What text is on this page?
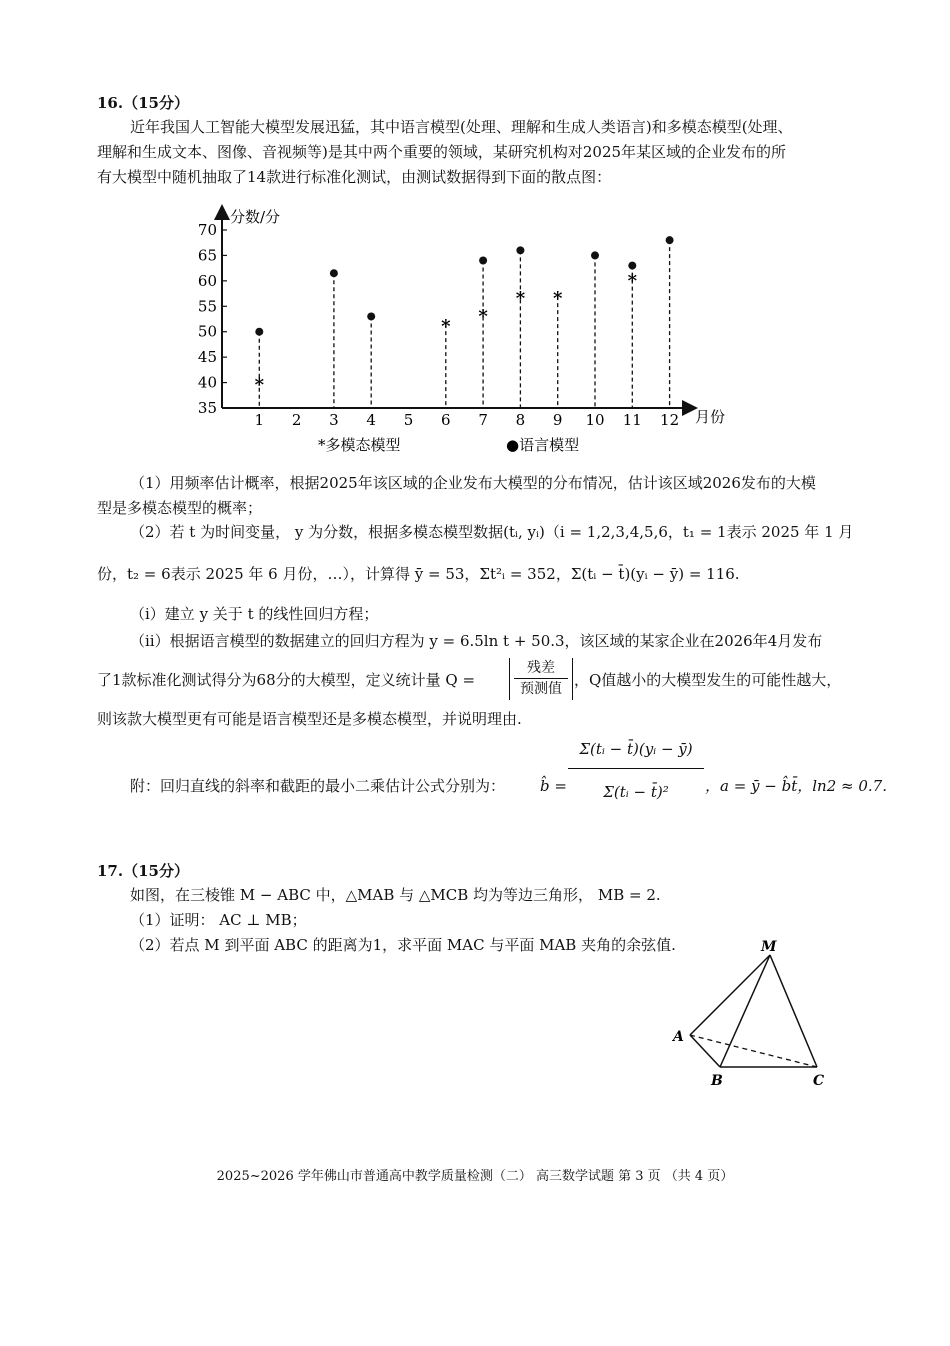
16.（15分）
近年我国人工智能大模型发展迅猛，其中语言模型(处理、理解和生成人类语言)和多模态模型(处理、
理解和生成文本、图像、音视频等)是其中两个重要的领域，某研究机构对2025年某区域的企业发布的所
有大模型中随机抽取了14款进行标准化测试，由测试数据得到下面的散点图：
35
40
45
50
55
60
65
70
1 2 3 4 5 6 7 8 9 10 11 12
*
* *
* *
*
分数/分
月份
*多模态模型	●语言模型
（1）用频率估计概率，根据2025年该区域的企业发布大模型的分布情况，估计该区域2026发布的大模
型是多模态模型的概率；
（2）若 t 为时间变量， y 为分数，根据多模态模型数据(tᵢ, yᵢ)（i = 1,2,3,4,5,6，t₁ = 1表示 2025 年 1 月
份，t₂ = 6表示 2025 年 6 月份，…），计算得 ȳ = 53，Σt²ᵢ = 352，Σ(tᵢ − t̄)(yᵢ − ȳ) = 116.
（ⅰ）建立 y 关于 t 的线性回归方程；
（ⅱ）根据语言模型的数据建立的回归方程为 y = 6.5ln t + 50.3，该区域的某家企业在2026年4月发布
了1款标准化测试得分为68分的大模型，定义统计量 Q =
残差
预测值 ，Q值越小的大模型发生的可能性越大，
则该款大模型更有可能是语言模型还是多模态模型，并说明理由.
附：回归直线的斜率和截距的最小二乘估计公式分别为： b̂ =
Σ(tᵢ − t̄)(yᵢ − ȳ)
Σ(tᵢ − t̄)²	，a = ȳ − b̂t̄，ln2 ≈ 0.7.
17.（15分）
如图，在三棱锥 M − ABC 中，△MAB 与 △MCB 均为等边三角形， MB = 2.
（1）证明： AC ⊥ MB；
（2）若点 M 到平面 ABC 的距离为1，求平面 MAC 与平面 MAB 夹角的余弦值.	M
A
B	C
2025~2026 学年佛山市普通高中教学质量检测（二） 高三数学试题 第 3 页 （共 4 页）
